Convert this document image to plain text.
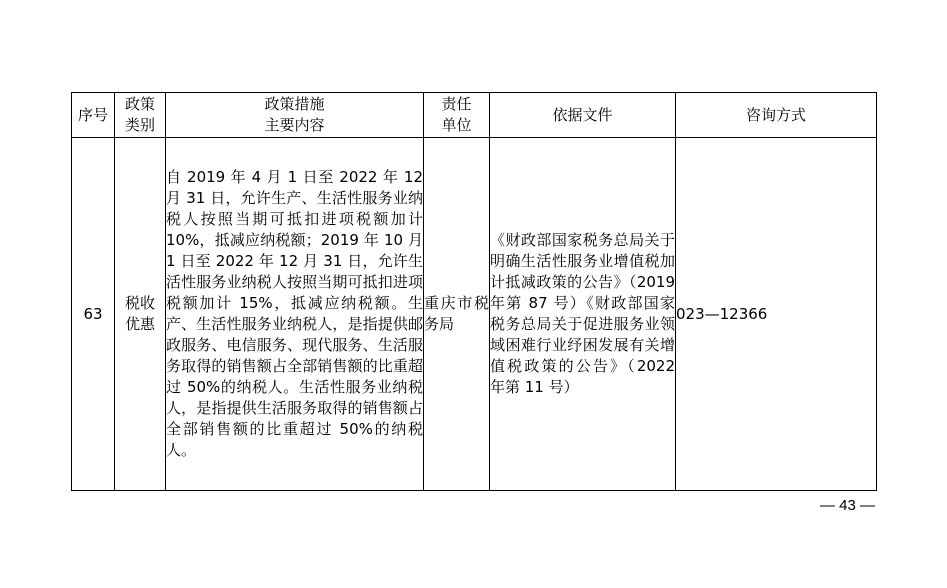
序号	政策类别	政策措施主要内容	责任单位	依据文件	咨询方式
63	税收优惠	自 2019 年 4 月 1 日至 2022 年 12 月 31 日，允许生产、生活性服务业纳税人按照当期可抵扣进项税额加计 10%，抵减应纳税额；2019 年 10 月 1 日至 2022 年 12 月 31 日，允许生活性服务业纳税人按照当期可抵扣进项税额加计 15%，抵减应纳税额。生产、生活性服务业纳税人，是指提供邮政服务、电信服务、现代服务、生活服务取得的销售额占全部销售额的比重超过 50%的纳税人。生活性服务业纳税人，是指提供生活服务取得的销售额占全部销售额的比重超过 50%的纳税人。	重庆市税务局	《财政部国家税务总局关于明确生活性服务业增值税加计抵减政策的公告》（2019 年第 87 号）《财政部国家税务总局关于促进服务业领域困难行业纾困发展有关增值税政策的公告》（2022 年第 11 号）	023—12366
— 43 —
